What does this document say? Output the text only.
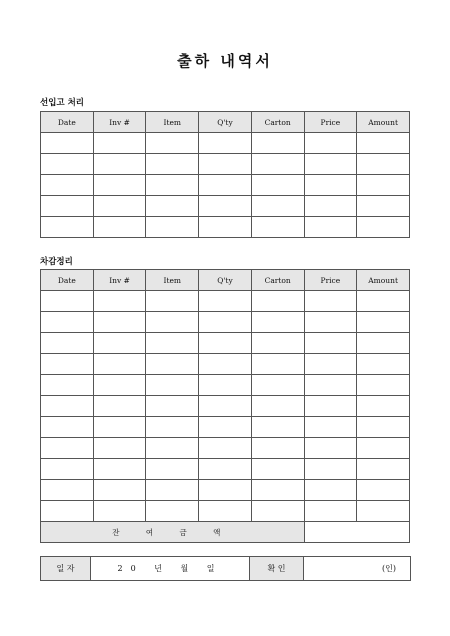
출하 내역서
선입고 처리
Date	Inv #	Item	Q'ty	Carton	Price	Amount

차감정리
Date	Inv #	Item	Q'ty	Carton	Price	Amount

잔 여 금 액						
일 자	20 년 월 일	확 인	(인)
